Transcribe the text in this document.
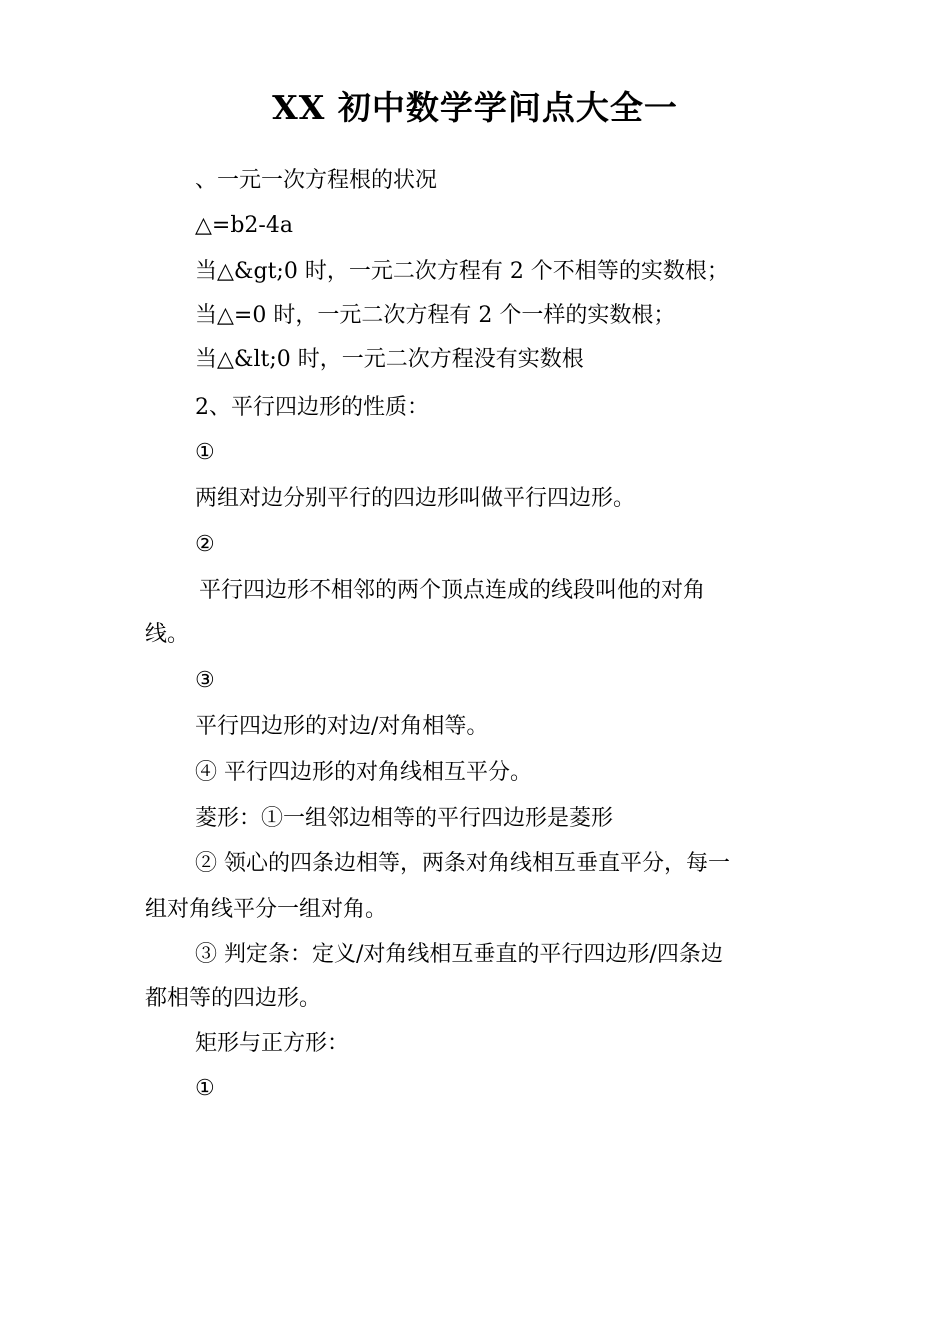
XX 初中数学学问点大全一

、一元一次方程根的状况

△=b2-4a

当△&gt;0 时，一元二次方程有 2 个不相等的实数根；

当△=0 时，一元二次方程有 2 个一样的实数根；

当△&lt;0 时，一元二次方程没有实数根

2、平行四边形的性质：

①

两组对边分别平行的四边形叫做平行四边形。

②

平行四边形不相邻的两个顶点连成的线段叫他的对角

线。

③

平行四边形的对边/对角相等。

④ 平行四边形的对角线相互平分。

菱形：①一组邻边相等的平行四边形是菱形

② 领心的四条边相等，两条对角线相互垂直平分，每一

组对角线平分一组对角。

③ 判定条：定义/对角线相互垂直的平行四边形/四条边

都相等的四边形。

矩形与正方形：

①
